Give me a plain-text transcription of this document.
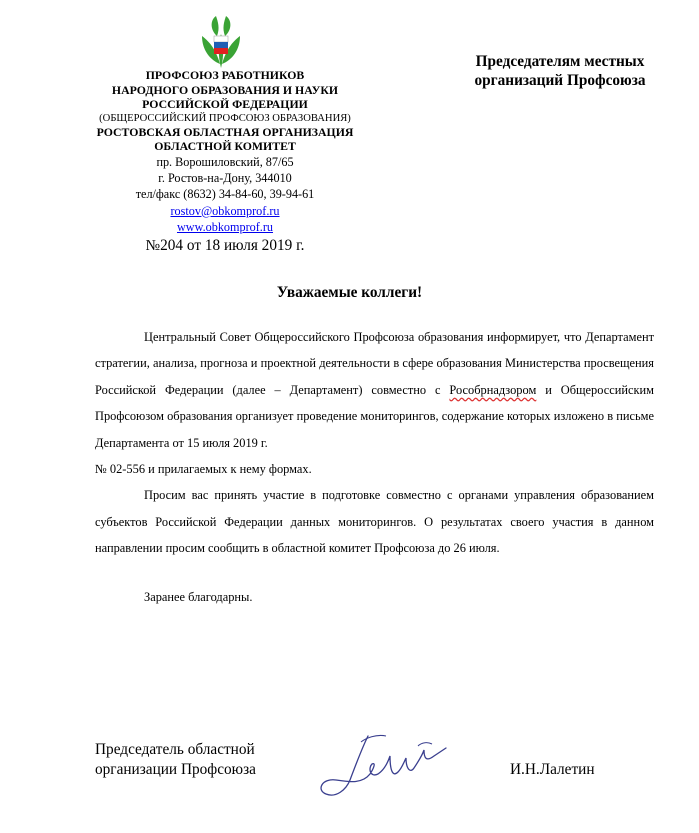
ПРОФСОЮЗ РАБОТНИКОВ
НАРОДНОГО ОБРАЗОВАНИЯ И НАУКИ
РОССИЙСКОЙ ФЕДЕРАЦИИ
(ОБЩЕРОССИЙСКИЙ ПРОФСОЮЗ ОБРАЗОВАНИЯ)
РОСТОВСКАЯ ОБЛАСТНАЯ ОРГАНИЗАЦИЯ
ОБЛАСТНОЙ КОМИТЕТ
пр. Ворошиловский, 87/65
г. Ростов-на-Дону, 344010
тел/факс (8632) 34-84-60, 39-94-61
rostov@obkomprof.ru
www.obkomprof.ru
№204 от 18 июля 2019 г.
Председателям местных
организаций Профсоюза
Уважаемые коллеги!

Центральный Совет Общероссийского Профсоюза образования информирует, что Департамент стратегии, анализа, прогноза и проектной деятельности в сфере образования Министерства просвещения Российской Федерации (далее – Департамент) совместно с Рособрнадзором и Общероссийским Профсоюзом образования организует проведение мониторингов, содержание которых изложено в письме Департамента от 15 июля 2019 г.

№ 02-556 и прилагаемых к нему формах.

Просим вас принять участие в подготовке совместно с органами управления образованием субъектов Российской Федерации данных мониторингов. О результатах своего участия в данном направлении просим сообщить в областной комитет Профсоюза до 26 июля.

Заранее благодарны.
Председатель областной
организации Профсоюза	И.Н.Лалетин
